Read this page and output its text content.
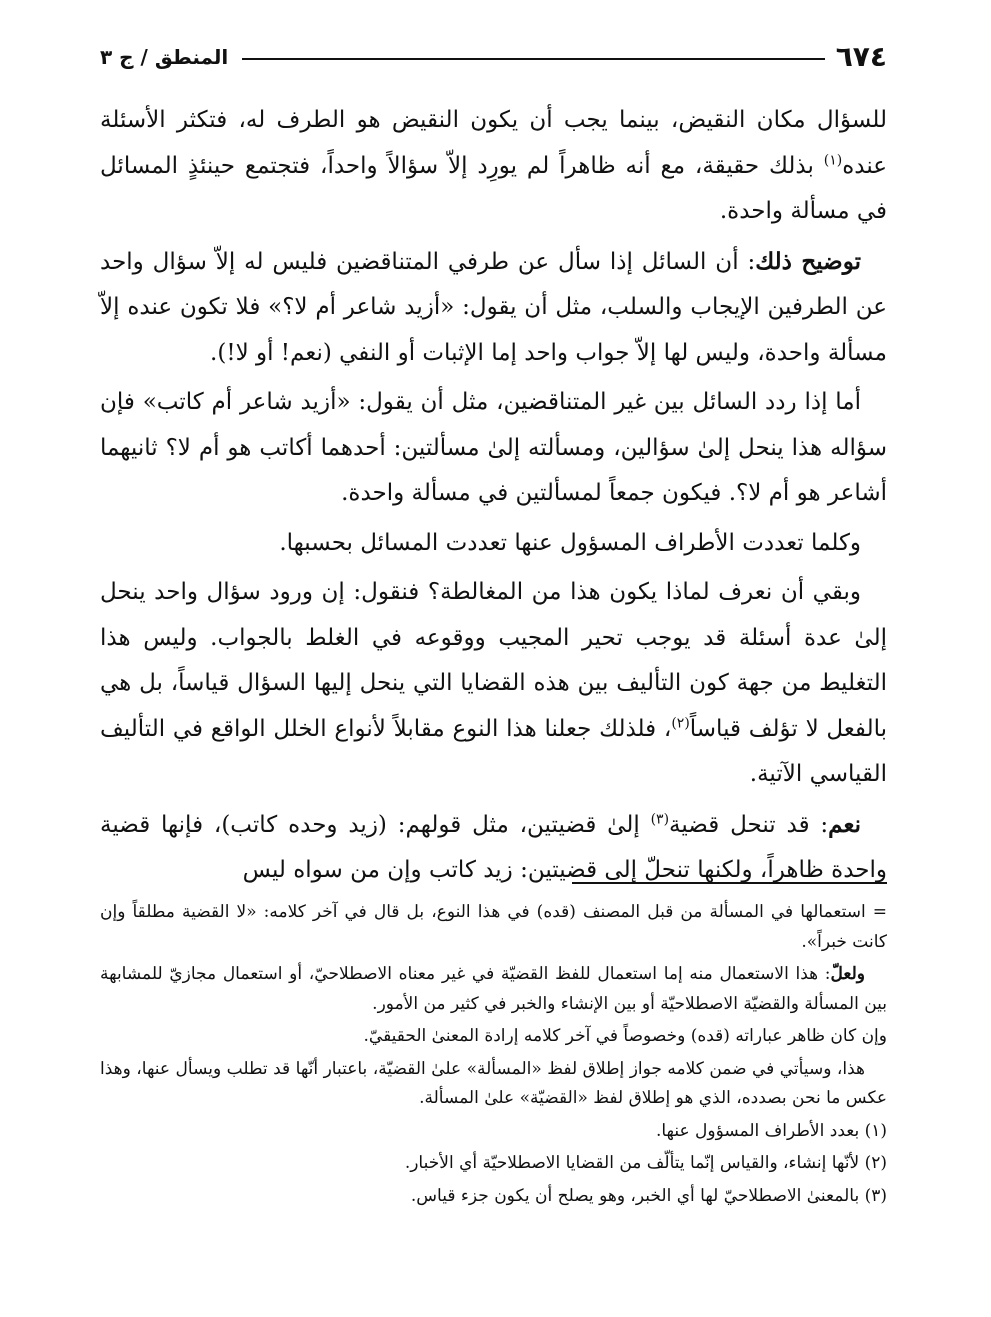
٦٧٤
المنطق / ج ٣

للسؤال مكان النقيض، بينما يجب أن يكون النقيض هو الطرف له، فتكثر الأسئلة عنده$^{(١)}$ بذلك حقيقة، مع أنه ظاهراً لم يورِد إلاّ سؤالاً واحداً، فتجتمع حينئذٍ المسائل في مسألة واحدة.

توضيح ذلك: أن السائل إذا سأل عن طرفي المتناقضين فليس له إلاّ سؤال واحد عن الطرفين الإيجاب والسلب، مثل أن يقول: «أزيد شاعر أم لا؟» فلا تكون عنده إلاّ مسألة واحدة، وليس لها إلاّ جواب واحد إما الإثبات أو النفي (نعم! أو لا!).

أما إذا ردد السائل بين غير المتناقضين، مثل أن يقول: «أزيد شاعر أم كاتب» فإن سؤاله هذا ينحل إلىٰ سؤالين، ومسألته إلىٰ مسألتين: أحدهما أكاتب هو أم لا؟ ثانيهما أشاعر هو أم لا؟. فيكون جمعاً لمسألتين في مسألة واحدة.

وكلما تعددت الأطراف المسؤول عنها تعددت المسائل بحسبها.

وبقي أن نعرف لماذا يكون هذا من المغالطة؟ فنقول: إن ورود سؤال واحد ينحل إلىٰ عدة أسئلة قد يوجب تحير المجيب ووقوعه في الغلط بالجواب. وليس هذا التغليط من جهة كون التأليف بين هذه القضايا التي ينحل إليها السؤال قياساً، بل هي بالفعل لا تؤلف قياساً$^{(٢)}$، فلذلك جعلنا هذا النوع مقابلاً لأنواع الخلل الواقع في التأليف القياسي الآتية.

نعم: قد تنحل قضية$^{(٣)}$ إلىٰ قضيتين، مثل قولهم: (زيد وحده كاتب)، فإنها قضية واحدة ظاهراً، ولكنها تنحلّ إلى قضيتين: زيد كاتب وإن من سواه ليس

= استعمالها في المسألة من قبل المصنف (قده) في هذا النوع، بل قال في آخر كلامه: «لا القضية مطلقاً وإن كانت خبراً».

ولعلّ: هذا الاستعمال منه إما استعمال للفظ القضيّة في غير معناه الاصطلاحيّ، أو استعمال مجازيّ للمشابهة بين المسألة والقضيّة الاصطلاحيّة أو بين الإنشاء والخبر في كثير من الأمور.

وإن كان ظاهر عباراته (قده) وخصوصاً في آخر كلامه إرادة المعنىٰ الحقيقيّ.

هذا، وسيأتي في ضمن كلامه جواز إطلاق لفظ «المسألة» علىٰ القضيّة، باعتبار أنّها قد تطلب ويسأل عنها، وهذا عكس ما نحن بصدده، الذي هو إطلاق لفظ «القضيّة» علىٰ المسألة.

(١) بعدد الأطراف المسؤول عنها.

(٢) لأنّها إنشاء، والقياس إنّما يتألّف من القضايا الاصطلاحيّة أي الأخبار.

(٣) بالمعنىٰ الاصطلاحيّ لها أي الخبر، وهو يصلح أن يكون جزء قياس.
